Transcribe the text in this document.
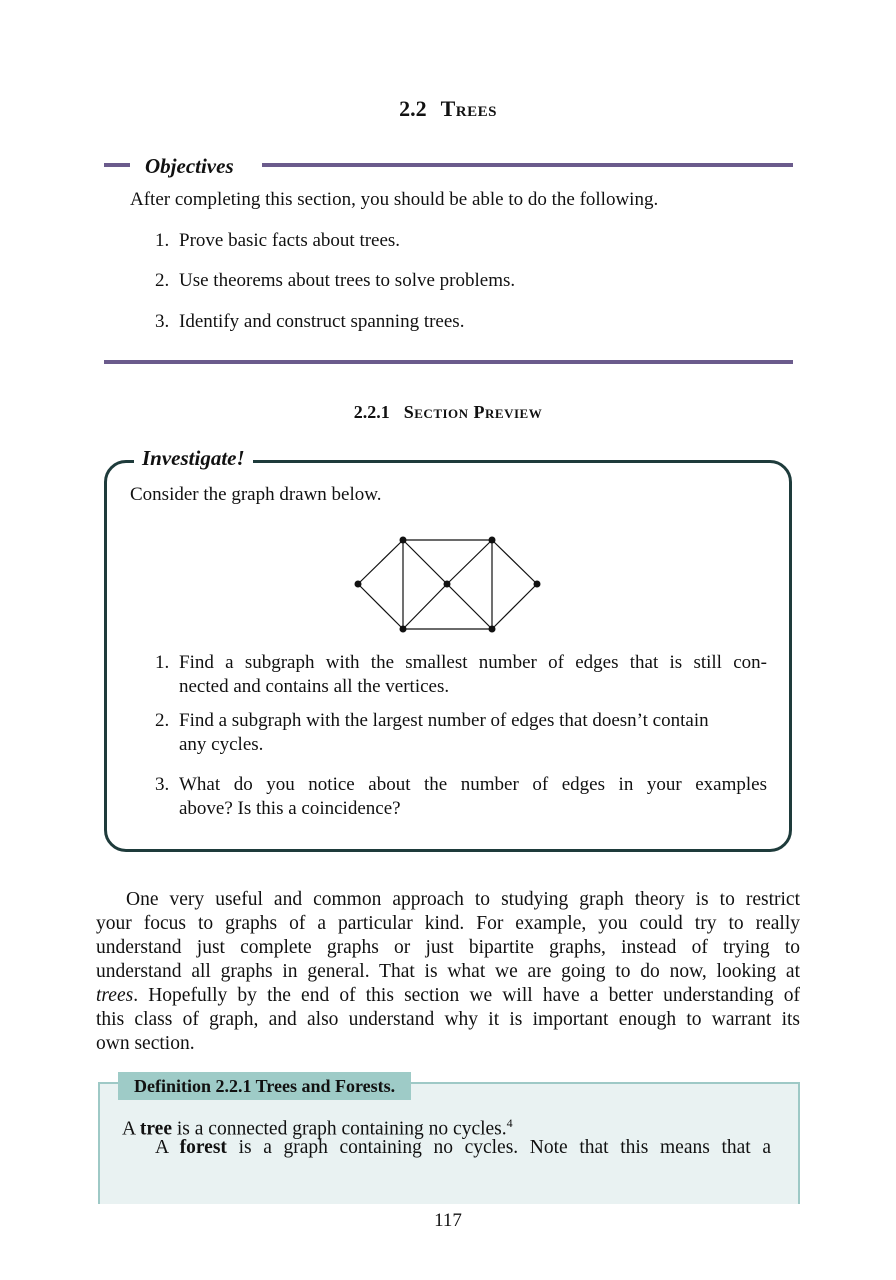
2.2 Trees
Objectives
After completing this section, you should be able to do the following.
1. Prove basic facts about trees.
2. Use theorems about trees to solve problems.
3. Identify and construct spanning trees.
2.2.1 Section Preview
Investigate!
Consider the graph drawn below.
1. Find a subgraph with the smallest number of edges that is still con-
nected and contains all the vertices.
2. Find a subgraph with the largest number of edges that doesn’t contain
any cycles.
3. What do you notice about the number of edges in your examples
above? Is this a coincidence?
One very useful and common approach to studying graph theory is to restrict
your focus to graphs of a particular kind. For example, you could try to really
understand just complete graphs or just bipartite graphs, instead of trying to
understand all graphs in general. That is what we are going to do now, looking at
trees. Hopefully by the end of this section we will have a better understanding of
this class of graph, and also understand why it is important enough to warrant its
own section.
Definition 2.2.1 Trees and Forests.
A tree is a connected graph containing no cycles.$^4$
A forest is a graph containing no cycles. Note that this means that a
117
